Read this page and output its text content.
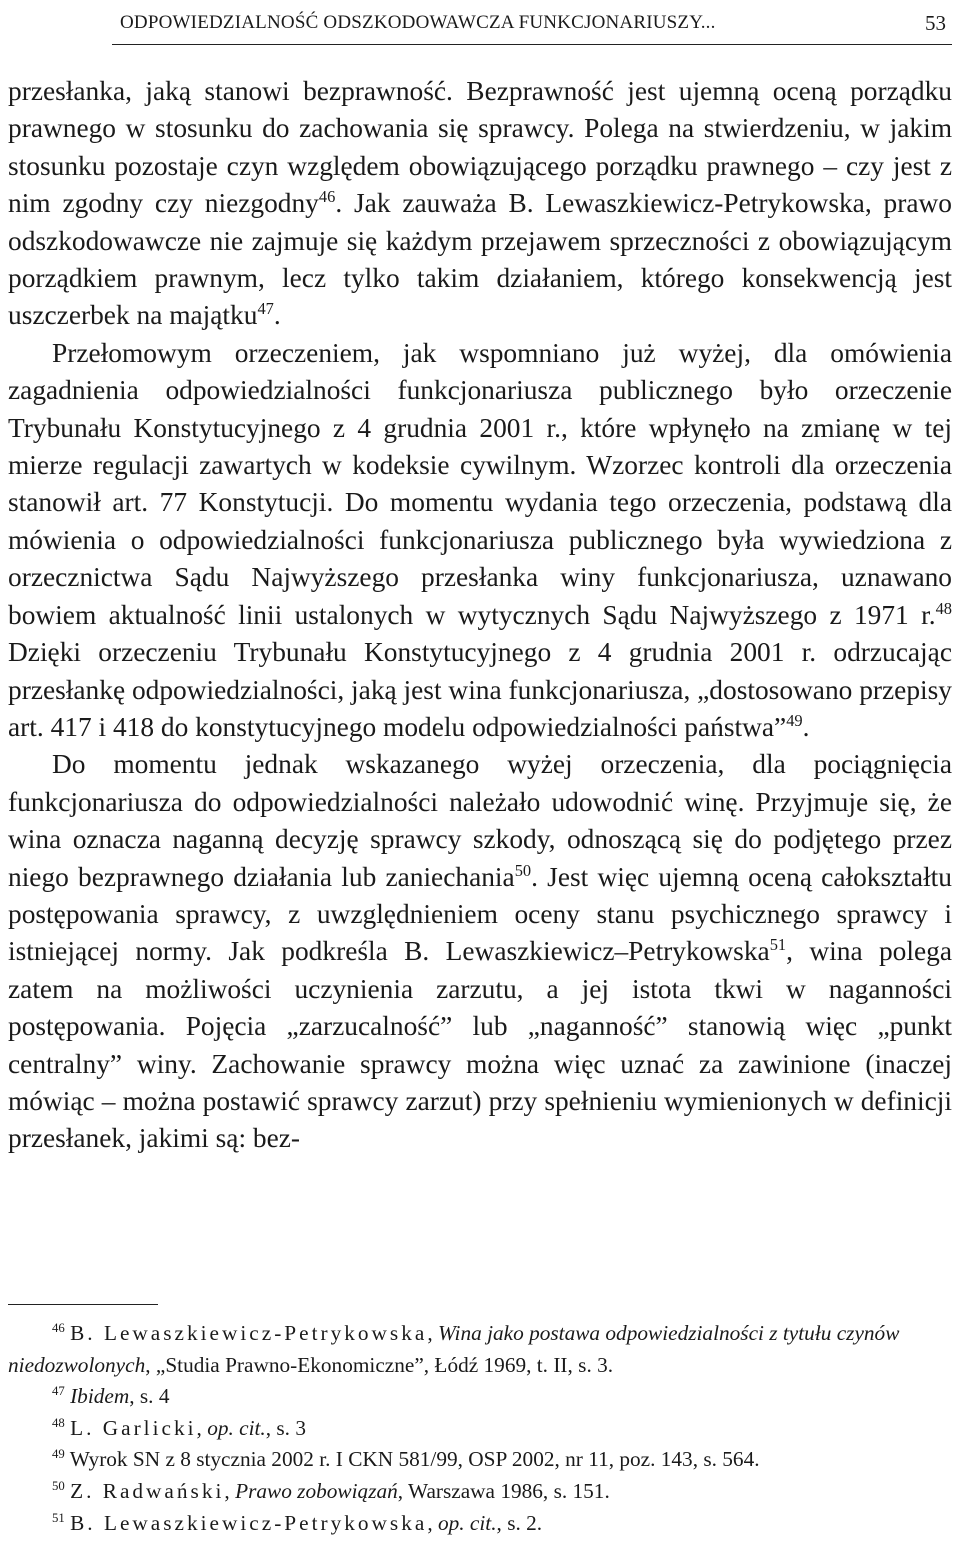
ODPOWIEDZIALNOŚĆ ODSZKODOWAWCZA FUNKCJONARIUSZY...	53

przesłanka, jaką stanowi bezprawność. Bezprawność jest ujemną oceną porządku prawnego w stosunku do zachowania się sprawcy. Polega na stwierdzeniu, w jakim stosunku pozostaje czyn względem obowiązującego porządku prawnego – czy jest z nim zgodny czy niezgodny$^{46}$. Jak zauważa B. Lewaszkiewicz-Petrykowska, prawo odszkodowawcze nie zajmuje się każdym przejawem sprzeczności z obowiązującym porządkiem prawnym, lecz tylko takim działaniem, którego konsekwencją jest uszczerbek na majątku$^{47}$.

Przełomowym orzeczeniem, jak wspomniano już wyżej, dla omówienia zagadnienia odpowiedzialności funkcjonariusza publicznego było orzeczenie Trybunału Konstytucyjnego z 4 grudnia 2001 r., które wpłynęło na zmianę w tej mierze regulacji zawartych w kodeksie cywilnym. Wzorzec kontroli dla orzeczenia stanowił art. 77 Konstytucji. Do momentu wydania tego orzeczenia, podstawą dla mówienia o odpowiedzialności funkcjonariusza publicznego była wywiedziona z orzecznictwa Sądu Najwyższego przesłanka winy funkcjonariusza, uznawano bowiem aktualność linii ustalonych w wytycznych Sądu Najwyższego z 1971 r.$^{48}$ Dzięki orzeczeniu Trybunału Konstytucyjnego z 4 grudnia 2001 r. odrzucając przesłankę odpowiedzialności, jaką jest wina funkcjonariusza, „dostosowano przepisy art. 417 i 418 do konstytucyjnego modelu odpowiedzialności państwa”$^{49}$.

Do momentu jednak wskazanego wyżej orzeczenia, dla pociągnięcia funkcjonariusza do odpowiedzialności należało udowodnić winę. Przyjmuje się, że wina oznacza naganną decyzję sprawcy szkody, odnoszącą się do podjętego przez niego bezprawnego działania lub zaniechania$^{50}$. Jest więc ujemną oceną całokształtu postępowania sprawcy, z uwzględnieniem oceny stanu psychicznego sprawcy i istniejącej normy. Jak podkreśla B. Lewaszkiewicz–Petrykowska$^{51}$, wina polega zatem na możliwości uczynienia zarzutu, a jej istota tkwi w naganności postępowania. Pojęcia „zarzucalność” lub „naganność” stanowią więc „punkt centralny” winy. Zachowanie sprawcy można więc uznać za zawinione (inaczej mówiąc – można postawić sprawcy zarzut) przy spełnieniu wymienionych w definicji przesłanek, jakimi są: bez-

$^{46}$ B. Lewaszkiewicz-Petrykowska, Wina jako postawa odpowiedzialności z tytułu czynów niedozwolonych, „Studia Prawno-Ekonomiczne”, Łódź 1969, t. II, s. 3.

$^{47}$ Ibidem, s. 4

$^{48}$ L. Garlicki, op. cit., s. 3

$^{49}$ Wyrok SN z 8 stycznia 2002 r. I CKN 581/99, OSP 2002, nr 11, poz. 143, s. 564.

$^{50}$ Z. Radwański, Prawo zobowiązań, Warszawa 1986, s. 151.

$^{51}$ B. Lewaszkiewicz-Petrykowska, op. cit., s. 2.
